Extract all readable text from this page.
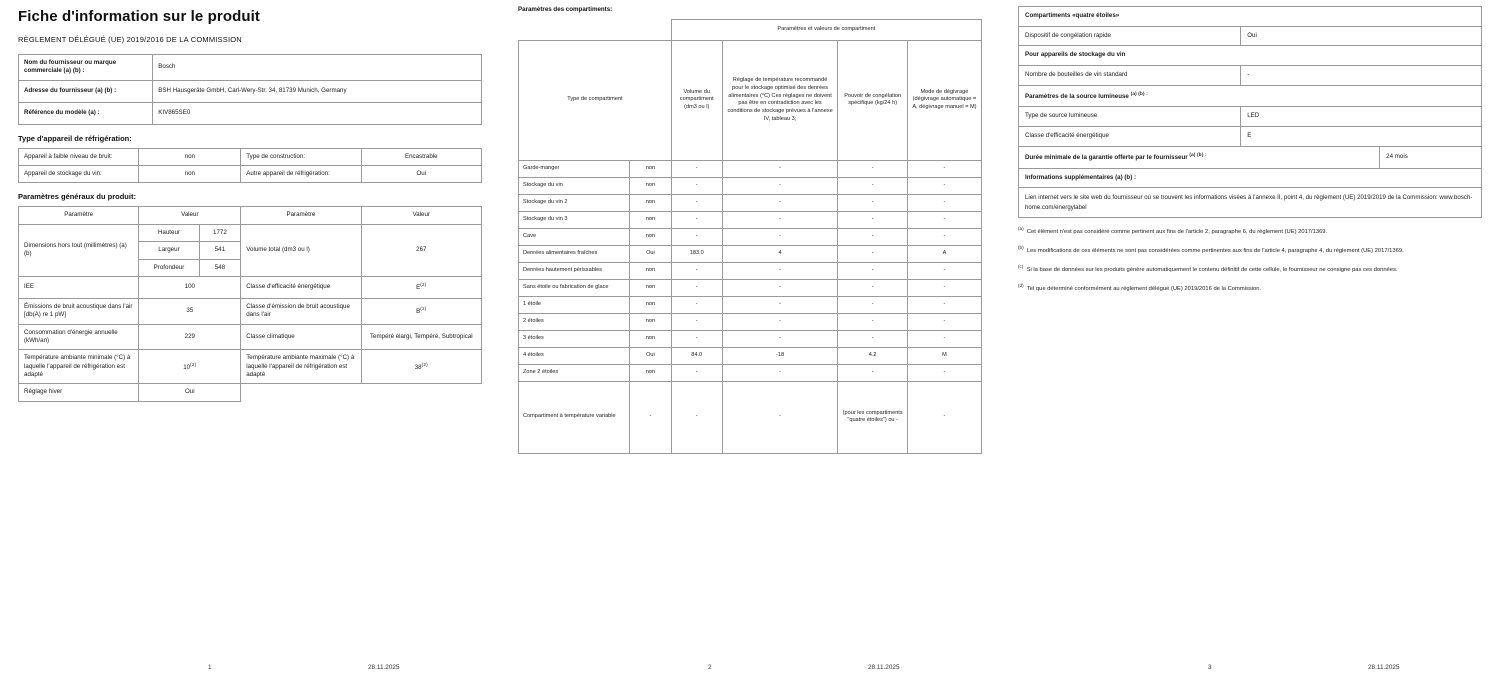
Fiche d'information sur le produit
RÈGLEMENT DÉLÉGUÉ (UE) 2019/2016 DE LA COMMISSION
Nom du fournisseur ou marque commerciale (a) (b) :	Bosch
Adresse du fournisseur (a) (b) :	BSH Hausgeräte GmbH, Carl-Wery-Str. 34, 81739 Munich, Germany
Référence du modèle (a) :	KIV865SE0
Type d'appareil de réfrigération:
Appareil à faible niveau de bruit:	non	Type de construction:	Encastrable
Appareil de stockage du vin:	non	Autre appareil de réfrigération:	Oui
Paramètres généraux du produit:
Paramètre	Valeur		Paramètre	Valeur
Dimensions hors tout (millimètres) (a) (b)	Hauteur	1772	Volume total (dm3 ou l)	267
	Largeur	541		
	Profondeur	548		
IEE	100		Classe d'efficacité énergétique	$E^{(2)}$
Émissions de bruit acoustique dans l'air [db(A) re 1 pW]	35		Classe d'émission de bruit acoustique dans l'air	$B^{(2)}$
Consommation d'énergie annuelle (kWh/an)	229		Classe climatique	Tempéré élargi, Tempéré, Subtropical
Température ambiante minimale (°C) à laquelle l'appareil de réfrigération est adapté	10$^{(2)}$		Température ambiante maximale (°C) à laquelle l'appareil de réfrigération est adapté	38$^{(2)}$
Réglage hiver	Oui			
1	28.11.2025
Paramètres des compartiments:
		Paramètres et valeurs de compartiment			
Type de compartiment		Volume du compartiment (dm3 ou l)	Réglage de température recommandé pour le stockage optimisé des denrées alimentaires (°C) Ces réglages ne doivent pas être en contradiction avec les conditions de stockage prévues à l'annexe IV, tableau 3;	Pouvoir de congélation spécifique (kg/24 h)	Mode de dégivrage (dégivrage automatique = A, dégivrage manuel = M)
Garde-manger	non	-	-	-	-
Stockage du vin	non	-	-	-	-
Stockage du vin 2	non	-	-	-	-
Stockage du vin 3	non	-	-	-	-
Cave	non	-	-	-	-
Denrées alimentaires fraîches	Oui	183.0	4	-	A
Denrées hautement périssables	non	-	-	-	-
Sans étoile ou fabrication de glace	non	-	-	-	-
1 étoile	non	-	-	-	-
2 étoiles	non	-	-	-	-
3 étoiles	non	-	-	-	-
4 étoiles	Oui	84.0	-18	4.2	M
Zone 2 étoiles	non	-	-	-	-
Compartiment à température variable	-	-	-	(pour les compartiments "quatre étoiles") ou -	-
2	28.11.2025
Compartiments «quatre étoiles»		
Dispositif de congélation rapide	Oui	
Pour appareils de stockage du vin		
Nombre de bouteilles de vin standard	-	
Paramètres de la source lumineuse $^{(a) (b) :}$
Type de source lumineuse	LED	
Classe d'efficacité énergétique	E	
Durée minimale de la garantie offerte par le fournisseur $^{(a) (b) :}$		24 mois
Informations supplémentaires (a) (b) :		

Lien internet vers le site web du fournisseur où se trouvent les informations visées à l'annexe II, point 4, du règlement (UE) 2019/2019 de la Commission: www.bosch-home.com/energylabel		
$^{(a)}$  Cet élément n'est pas considéré comme pertinent aux fins de l'article 2, paragraphe 6, du règlement (UE) 2017/1369.
$^{(b)}$  Les modifications de ces éléments ne sont pas considérées comme pertinentes aux fins de l'article 4, paragraphe 4, du règlement (UE) 2017/1369.
$^{(c)}$  Si la base de données sur les produits génère automatiquement le contenu définitif de cette cellule, le fournisseur ne consigne pas ces données.
$^{(d)}$  Tel que déterminé conformément au règlement délégué (UE) 2019/2016 de la Commission.
3	28.11.2025
